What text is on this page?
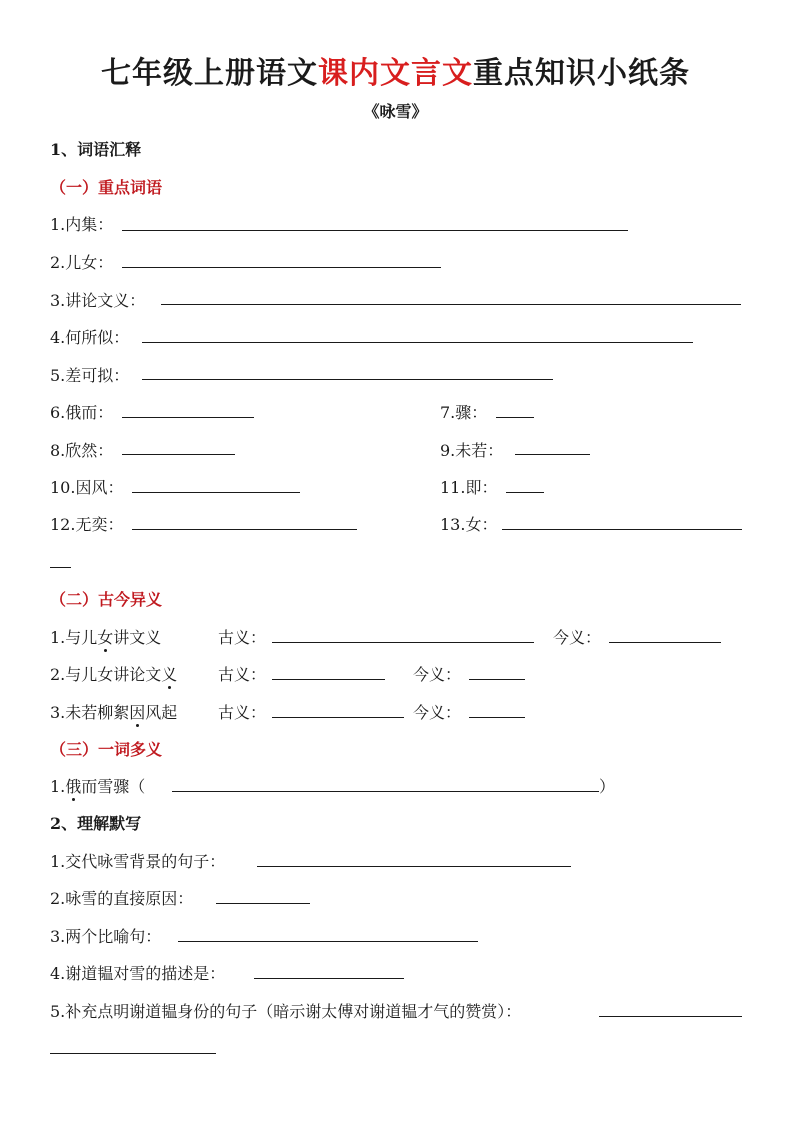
七年级上册语文课内文言文重点知识小纸条
《咏雪》
1、词语汇释
（一）重点词语
1.内集：
2.儿女：
3.讲论文义：
4.何所似：
5.差可拟：
6.俄而：	7.骤：
8.欣然：	9.未若：
10.因风：	11.即：
12.无奕：	13.女：
（二）古今异义
1.与儿女讲文义	古义：	今义：
2.与儿女讲论文义	古义：	今义：
3.未若柳絮因风起	古义：	今义：
（三）一词多义
1.俄而雪骤（	）
2、理解默写
1.交代咏雪背景的句子：
2.咏雪的直接原因：
3.两个比喻句：
4.谢道韫对雪的描述是：
5.补充点明谢道韫身份的句子（暗示谢太傅对谢道韫才气的赞赏）：
